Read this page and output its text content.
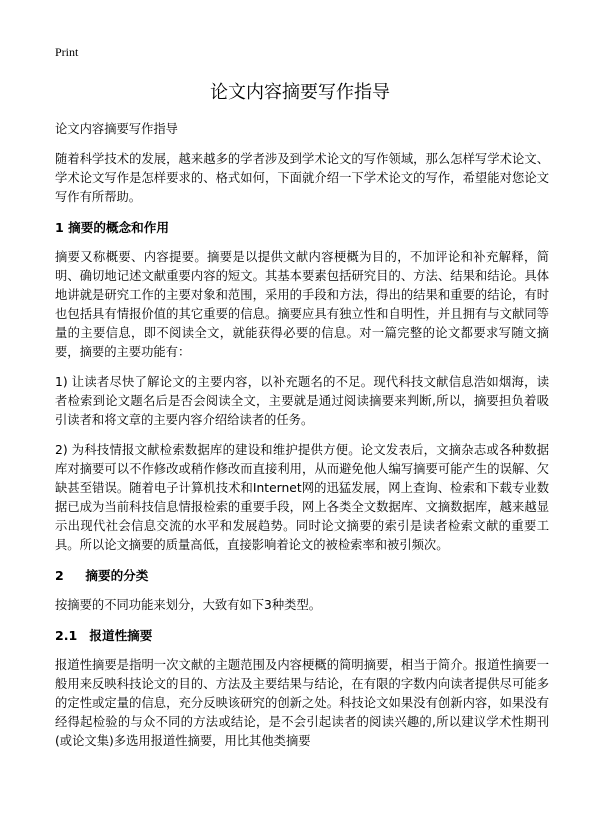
Print
论文内容摘要写作指导

论文内容摘要写作指导

随着科学技术的发展，越来越多的学者涉及到学术论文的写作领域，那么怎样写学术论文、学术论文写作是怎样要求的、格式如何，下面就介绍一下学术论文的写作，希望能对您论文写作有所帮助。

1 摘要的概念和作用

摘要又称概要、内容提要。摘要是以提供文献内容梗概为目的，不加评论和补充解释，简明、确切地记述文献重要内容的短文。其基本要素包括研究目的、方法、结果和结论。具体地讲就是研究工作的主要对象和范围，采用的手段和方法，得出的结果和重要的结论，有时也包括具有情报价值的其它重要的信息。摘要应具有独立性和自明性，并且拥有与文献同等量的主要信息，即不阅读全文，就能获得必要的信息。对一篇完整的论文都要求写随文摘要，摘要的主要功能有：

1) 让读者尽快了解论文的主要内容，以补充题名的不足。现代科技文献信息浩如烟海，读者检索到论文题名后是否会阅读全文，主要就是通过阅读摘要来判断,所以，摘要担负着吸引读者和将文章的主要内容介绍给读者的任务。

2) 为科技情报文献检索数据库的建设和维护提供方便。论文发表后，文摘杂志或各种数据库对摘要可以不作修改或稍作修改而直接利用，从而避免他人编写摘要可能产生的误解、欠缺甚至错误。随着电子计算机技术和Internet网的迅猛发展，网上查询、检索和下载专业数据已成为当前科技信息情报检索的重要手段，网上各类全文数据库、文摘数据库，越来越显示出现代社会信息交流的水平和发展趋势。同时论文摘要的索引是读者检索文献的重要工具。所以论文摘要的质量高低，直接影响着论文的被检索率和被引频次。

2 摘要的分类

按摘要的不同功能来划分，大致有如下3种类型。

2.1 报道性摘要

报道性摘要是指明一次文献的主题范围及内容梗概的简明摘要，相当于简介。报道性摘要一般用来反映科技论文的目的、方法及主要结果与结论，在有限的字数内向读者提供尽可能多的定性或定量的信息，充分反映该研究的创新之处。科技论文如果没有创新内容，如果没有经得起检验的与众不同的方法或结论，是不会引起读者的阅读兴趣的,所以建议学术性期刊(或论文集)多选用报道性摘要，用比其他类摘要
